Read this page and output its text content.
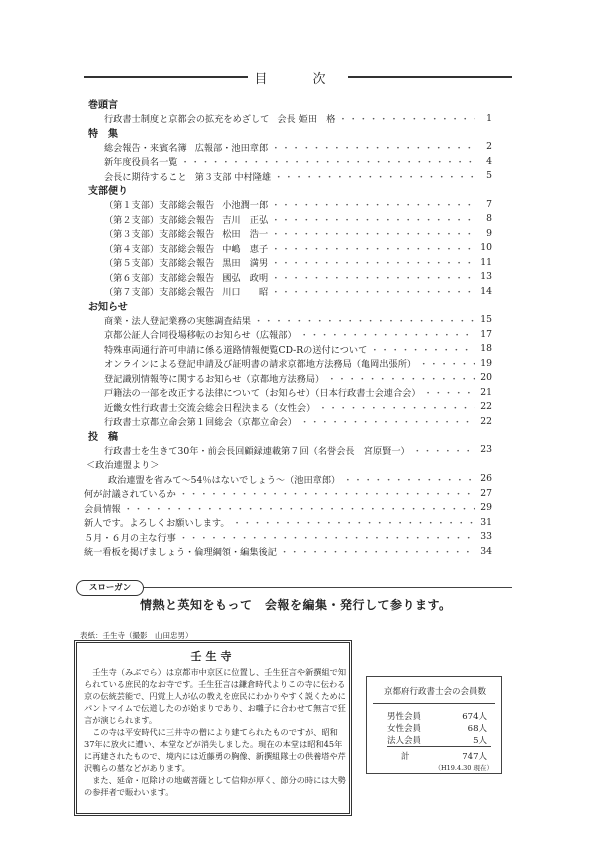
目　次
巻頭言
行政書士制度と京都会の拡充をめざして 会長 姫田　格 ・・・・・・・・・・・・・・・・・・・・・・・・・・・・・・・・・・・・・・・・・・・・・・・・・・・・・・・・・・	1
特　集
総会報告・来賓名簿 広報部・池田章郎 ・・・・・・・・・・・・・・・・・・・・・・・・・・・・・・・・・・・・・・・・・・・・・・・・・・・・・・・・・・	2
新年度役員名一覧 ・・・・・・・・・・・・・・・・・・・・・・・・・・・・・・・・・・・・・・・・・・・・・・・・・・・・・・・・・・	4
会長に期待すること 第３支部 中村隆雄 ・・・・・・・・・・・・・・・・・・・・・・・・・・・・・・・・・・・・・・・・・・・・・・・・・・・・・・・・・・	5
支部便り
（第１支部）支部総会報告 小池潤一郎 ・・・・・・・・・・・・・・・・・・・・・・・・・・・・・・・・・・・・・・・・・・・・・・・・・・・・・・・・・・	7
（第２支部）支部総会報告 吉川　正弘 ・・・・・・・・・・・・・・・・・・・・・・・・・・・・・・・・・・・・・・・・・・・・・・・・・・・・・・・・・・	8
（第３支部）支部総会報告 松田　浩一 ・・・・・・・・・・・・・・・・・・・・・・・・・・・・・・・・・・・・・・・・・・・・・・・・・・・・・・・・・・	9
（第４支部）支部総会報告 中嶋　恵子 ・・・・・・・・・・・・・・・・・・・・・・・・・・・・・・・・・・・・・・・・・・・・・・・・・・・・・・・・・・	10
（第５支部）支部総会報告 黒田　満男 ・・・・・・・・・・・・・・・・・・・・・・・・・・・・・・・・・・・・・・・・・・・・・・・・・・・・・・・・・・	11
（第６支部）支部総会報告 國弘　政明 ・・・・・・・・・・・・・・・・・・・・・・・・・・・・・・・・・・・・・・・・・・・・・・・・・・・・・・・・・・	13
（第７支部）支部総会報告 川口　　昭 ・・・・・・・・・・・・・・・・・・・・・・・・・・・・・・・・・・・・・・・・・・・・・・・・・・・・・・・・・・	14
お知らせ
商業・法人登記業務の実態調査結果 ・・・・・・・・・・・・・・・・・・・・・・・・・・・・・・・・・・・・・・・・・・・・・・・・・・・・・・・・・・	15
京都公証人合同役場移転のお知らせ（広報部） ・・・・・・・・・・・・・・・・・・・・・・・・・・・・・・・・・・・・・・・・・・・・・・・・・・・・・・・・・・	17
特殊車両通行許可申請に係る道路情報便覧CD-Rの送付について ・・・・・・・・・・・・・・・・・・・・・・・・・・・・・・・・・・・・・・・・・・・・・・・・・・・・・・・・・・	18
オンラインによる登記申請及び証明書の請求京都地方法務局（亀岡出張所） ・・・・・・・・・・・・・・・・・・・・・・・・・・・・・・・・・・・・・・・・・・・・・・・・・・・・・・・・・・	19
登記識別情報等に関するお知らせ（京都地方法務局） ・・・・・・・・・・・・・・・・・・・・・・・・・・・・・・・・・・・・・・・・・・・・・・・・・・・・・・・・・・	20
戸籍法の一部を改正する法律について（お知らせ）（日本行政書士会連合会） ・・・・・・・・・・・・・・・・・・・・・・・・・・・・・・・・・・・・・・・・・・・・・・・・・・・・・・・・・・	21
近畿女性行政書士交流会総会日程決まる（女性会） ・・・・・・・・・・・・・・・・・・・・・・・・・・・・・・・・・・・・・・・・・・・・・・・・・・・・・・・・・・	22
行政書士京都立命会第１回総会（京都立命会） ・・・・・・・・・・・・・・・・・・・・・・・・・・・・・・・・・・・・・・・・・・・・・・・・・・・・・・・・・・	22
投　稿
行政書士を生きて30年・前会長回顧録連載第７回（名誉会長　宮原賢一） ・・・・・・・・・・・・・・・・・・・・・・・・・・・・・・・・・・・・・・・・・・・・・・・・・・・・・・・・・・	23
＜政治連盟より＞
政治連盟を省みて〜54％はないでしょう〜（池田章郎） ・・・・・・・・・・・・・・・・・・・・・・・・・・・・・・・・・・・・・・・・・・・・・・・・・・・・・・・・・・	26
何が討議されているか ・・・・・・・・・・・・・・・・・・・・・・・・・・・・・・・・・・・・・・・・・・・・・・・・・・・・・・・・・・	27
会員情報 ・・・・・・・・・・・・・・・・・・・・・・・・・・・・・・・・・・・・・・・・・・・・・・・・・・・・・・・・・・	29
新人です。よろしくお願いします。 ・・・・・・・・・・・・・・・・・・・・・・・・・・・・・・・・・・・・・・・・・・・・・・・・・・・・・・・・・・	31
５月・６月の主な行事 ・・・・・・・・・・・・・・・・・・・・・・・・・・・・・・・・・・・・・・・・・・・・・・・・・・・・・・・・・・	33
統一看板を掲げましょう・倫理綱領・編集後記 ・・・・・・・・・・・・・・・・・・・・・・・・・・・・・・・・・・・・・・・・・・・・・・・・・・・・・・・・・・	34
スローガン
情熱と英知をもって　会報を編集・発行して参ります。
表紙：壬生寺（撮影　山田忠男）
壬生寺

壬生寺（みぶでら）は京都市中京区に位置し、壬生狂言や新撰組で知られている庶民的なお寺です。壬生狂言は鎌倉時代よりこの寺に伝わる京の伝統芸能で、円覚上人が仏の教えを庶民にわかりやすく説くためにパントマイムで伝道したのが始まりであり、お囃子に合わせて無言で狂言が演じられます。

この寺は平安時代に三井寺の僧により建てられたものですが、昭和37年に放火に遭い、本堂などが消失しました。現在の本堂は昭和45年に再建されたもので、境内には近藤勇の胸像、新撰組隊士の供養塔や芹沢鴨らの墓などがあります。

また、延命・厄除けの地蔵菩薩として信仰が厚く、節分の時には大勢の参拝者で賑わいます。

京都府行政書士会の会員数
男性会員	674人
女性会員	68人
法人会員	5人
計	747人
（H19.4.30 現在）
